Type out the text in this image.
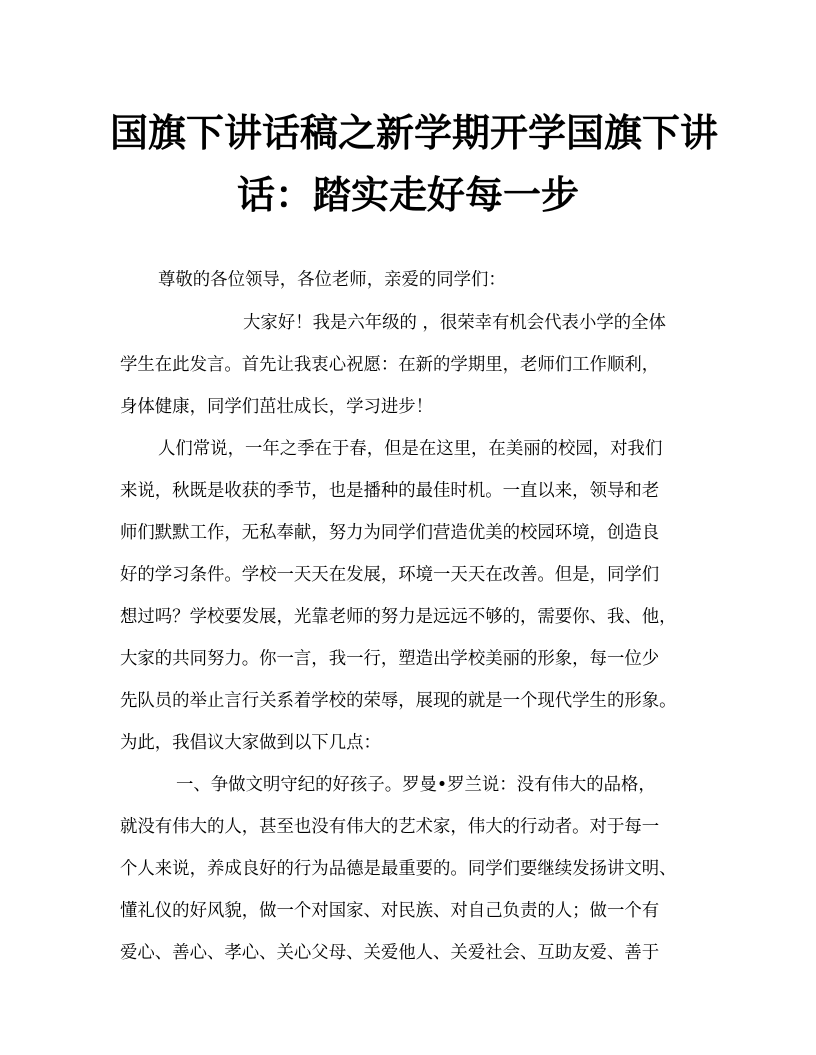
国旗下讲话稿之新学期开学国旗下讲
话：踏实走好每一步

尊敬的各位领导，各位老师，亲爱的同学们：

大家好！我是六年级的 ，很荣幸有机会代表小学的全体

学生在此发言。首先让我衷心祝愿：在新的学期里，老师们工作顺利，

身体健康，同学们茁壮成长，学习进步！

人们常说，一年之季在于春，但是在这里，在美丽的校园，对我们

来说，秋既是收获的季节，也是播种的最佳时机。一直以来，领导和老

师们默默工作，无私奉献，努力为同学们营造优美的校园环境，创造良

好的学习条件。学校一天天在发展，环境一天天在改善。但是，同学们

想过吗？学校要发展，光靠老师的努力是远远不够的，需要你、我、他，

大家的共同努力。你一言，我一行，塑造出学校美丽的形象，每一位少

先队员的举止言行关系着学校的荣辱，展现的就是一个现代学生的形象。

为此，我倡议大家做到以下几点：

一、争做文明守纪的好孩子。罗曼•罗兰说：没有伟大的品格，

就没有伟大的人，甚至也没有伟大的艺术家，伟大的行动者。对于每一

个人来说，养成良好的行为品德是最重要的。同学们要继续发扬讲文明、

懂礼仪的好风貌，做一个对国家、对民族、对自己负责的人；做一个有

爱心、善心、孝心、关心父母、关爱他人、关爱社会、互助友爱、善于
